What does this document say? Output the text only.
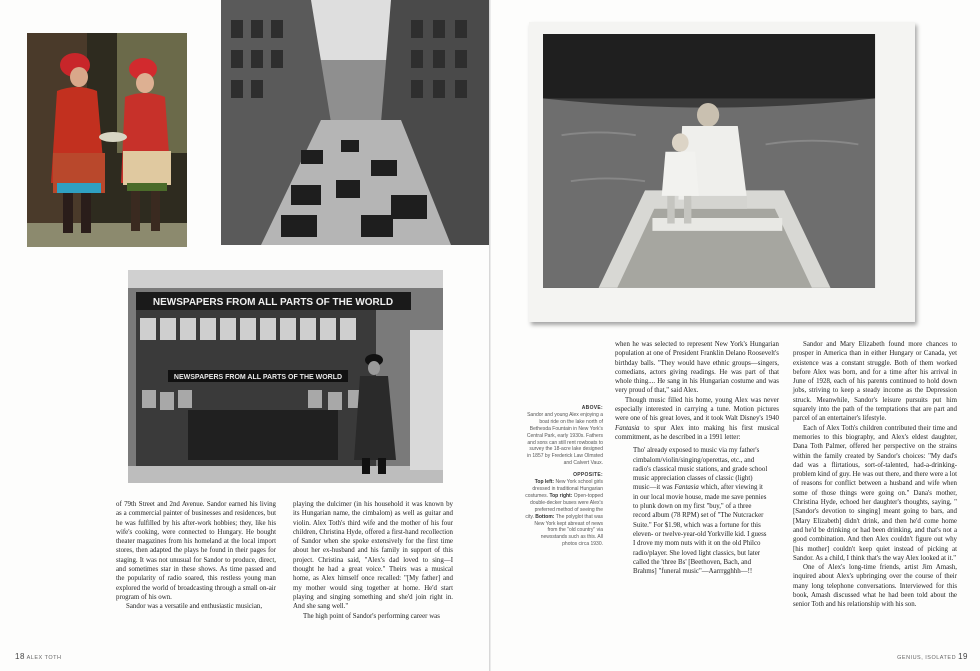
NEWSPAPERS FROM ALL PARTS OF THE WORLD
NEWSPAPERS FROM ALL PARTS OF THE WORLD

of 79th Street and 2nd Avenue. Sandor earned his living as a commercial painter of businesses and residences, but he was fulfilled by his after-work hobbies; they, like his wife's cooking, were connected to Hungary. He bought theater magazines from his homeland at the local import stores, then adapted the plays he found in their pages for staging. It was not unusual for Sandor to produce, direct, and sometimes star in these shows. As time passed and the popularity of radio soared, this restless young man explored the world of broadcasting through a small on-air program of his own.

Sandor was a versatile and enthusiastic musician,

playing the dulcimer (in his household it was known by its Hungarian name, the cimbalom) as well as guitar and violin. Alex Toth's third wife and the mother of his four children, Christina Hyde, offered a first-hand recollection of Sandor when she spoke extensively for the first time about her ex-husband and his family in support of this project. Christina said, "Alex's dad loved to sing—I thought he had a great voice." Theirs was a musical home, as Alex himself once recalled: "[My father] and my mother would sing together at home. He'd start playing and singing something and she'd join right in. And she sang well."

The high point of Sandor's performing career was

18 ALEX TOTH
ABOVE:
Sandor and young Alex enjoying a boat ride on the lake north of Bethesda Fountain in New York's Central Park, early 1930s. Fathers and sons can still rent rowboats to survey the 18-acre lake designed in 1857 by Frederick Law Olmsted and Calvert Vaux.
OPPOSITE:
Top left: New York school girls dressed in traditional Hungarian costumes. Top right: Open-topped double-decker buses were Alex's preferred method of seeing the city. Bottom: The polyglot that was New York kept abreast of news from the "old country" via newsstands such as this. All photos circa 1930.

when he was selected to represent New York's Hungarian population at one of President Franklin Delano Roosevelt's birthday balls. "They would have ethnic groups—singers, comedians, actors giving readings. He was part of that whole thing.... He sang in his Hungarian costume and was very proud of that," said Alex.

Though music filled his home, young Alex was never especially interested in carrying a tune. Motion pictures were one of his great loves, and it took Walt Disney's 1940 Fantasia to spur Alex into making his first musical commitment, as he described in a 1991 letter:

Tho' already exposed to music via my father's cimbalom/violin/singing/operettas, etc., and radio's classical music stations, and grade school music appreciation classes of classic (light) music—it was Fantasia which, after viewing it in our local movie house, made me save pennies to plunk down on my first "buy," of a three record album (78 RPM) set of "The Nutcracker Suite." For $1.98, which was a fortune for this eleven- or twelve-year-old Yorkville kid. I guess I drove my mom nuts with it on the old Philco radio/player. She loved light classics, but later called the 'three Bs' [Beethoven, Bach, and Brahms] "funeral music"—Aarrrgghhh—!!

Sandor and Mary Elizabeth found more chances to prosper in America than in either Hungary or Canada, yet existence was a constant struggle. Both of them worked before Alex was born, and for a time after his arrival in June of 1928, each of his parents continued to hold down jobs, striving to keep a steady income as the Depression struck. Meanwhile, Sandor's leisure pursuits put him squarely into the path of the temptations that are part and parcel of an entertainer's lifestyle.

Each of Alex Toth's children contributed their time and memories to this biography, and Alex's eldest daughter, Dana Toth Palmer, offered her perspective on the strains within the family created by Sandor's choices: "My dad's dad was a flirtatious, sort-of-talented, had-a-drinking-problem kind of guy. He was out there, and there were a lot of reasons for conflict between a husband and wife when some of those things were going on." Dana's mother, Christina Hyde, echoed her daughter's thoughts, saying, "[Sandor's devotion to singing] meant going to bars, and [Mary Elizabeth] didn't drink, and then he'd come home and he'd be drinking or had been drinking, and that's not a good combination. And then Alex couldn't figure out why [his mother] couldn't keep quiet instead of picking at Sandor. As a child, I think that's the way Alex looked at it."

One of Alex's long-time friends, artist Jim Amash, inquired about Alex's upbringing over the course of their many long telephone conversations. Interviewed for this book, Amash discussed what he had been told about the senior Toth and his relationship with his son.

GENIUS, ISOLATED 19
